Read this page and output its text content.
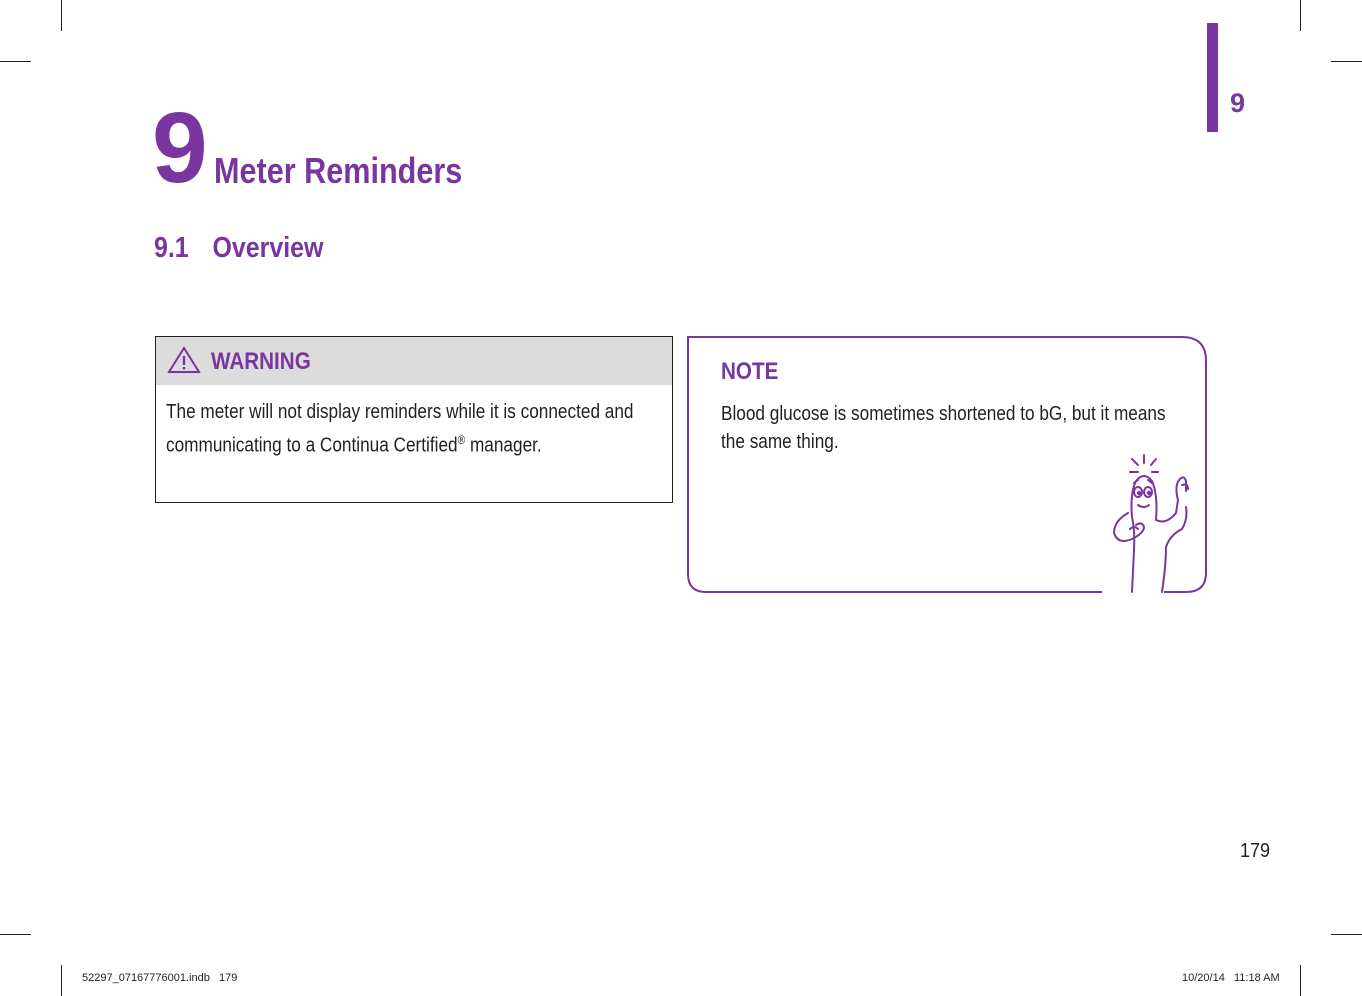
9
9 Meter Reminders
9.1 Overview
WARNING
The meter will not display reminders while it is connected and communicating to a Continua Certified® manager.
NOTE
Blood glucose is sometimes shortened to bG, but it means the same thing.
179
52297_07167776001.indb   179	10/20/14   11:18 AM
